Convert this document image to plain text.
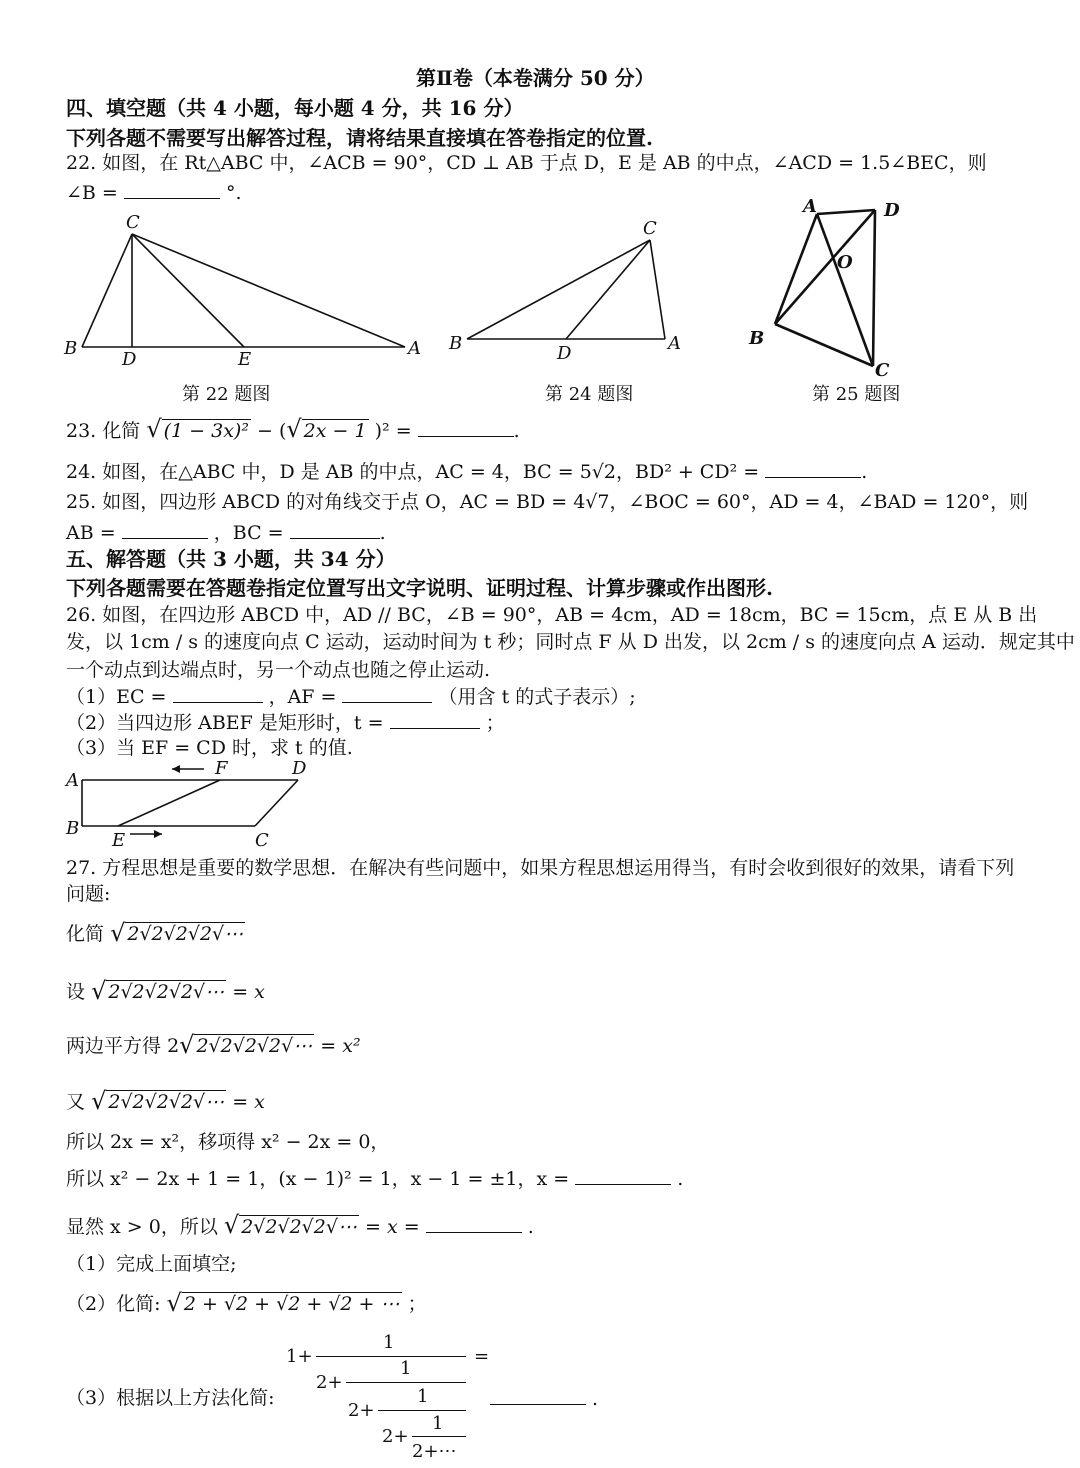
第Ⅱ卷（本卷满分 50 分）
四、填空题（共 4 小题，每小题 4 分，共 16 分）
下列各题不需要写出解答过程，请将结果直接填在答卷指定的位置.
22. 如图，在 Rt△ABC 中，∠ACB = 90°，CD ⊥ AB 于点 D，E 是 AB 的中点，∠ACD = 1.5∠BEC，则
∠B =	°.
C
B
D	E
A
第 22 题图
C
B	D	A
第 24 题图
A	D
O
B
C
第 25 题图
23. 化简 √ (1 − 3x)² − (√ 2x − 1 )² =	.
24. 如图，在△ABC 中，D 是 AB 的中点，AC = 4，BC = 5√2，BD² + CD² =	.
25. 如图，四边形 ABCD 的对角线交于点 O，AC = BD = 4√7，∠BOC = 60°，AD = 4，∠BAD = 120°，则
AB =	，BC =	.
五、解答题（共 3 小题，共 34 分）
下列各题需要在答题卷指定位置写出文字说明、证明过程、计算步骤或作出图形.
26. 如图，在四边形 ABCD 中，AD // BC，∠B = 90°，AB = 4cm，AD = 18cm，BC = 15cm，点 E 从 B 出
发，以 1cm / s 的速度向点 C 运动，运动时间为 t 秒；同时点 F 从 D 出发，以 2cm / s 的速度向点 A 运动．规定其中
一个动点到达端点时，另一个动点也随之停止运动.
（1）EC =	，AF =	（用含 t 的式子表示）;
（2）当四边形 ABEF 是矩形时，t =	；
（3）当 EF = CD 时，求 t 的值.
A
F	D
B
E	C
27. 方程思想是重要的数学思想．在解决有些问题中，如果方程思想运用得当，有时会收到很好的效果，请看下列
问题:
化简 √ 2√2√2√2√⋯
设 √ 2√2√2√2√⋯ = x
两边平方得 2√ 2√2√2√2√⋯ = x²
又 √ 2√2√2√2√⋯ = x
所以 2x = x²，移项得 x² − 2x = 0，
所以 x² − 2x + 1 = 1，(x − 1)² = 1，x − 1 = ±1，x =	.
显然 x > 0，所以 √ 2√2√2√2√⋯ = x =	.
（1）完成上面填空;
（2）化简: √ 2 + √2 + √2 + √2 + ⋯ ；
1+
1
=
2+
1
2+
1
2+
1
2+⋯
（3）根据以上方法化简:	.
